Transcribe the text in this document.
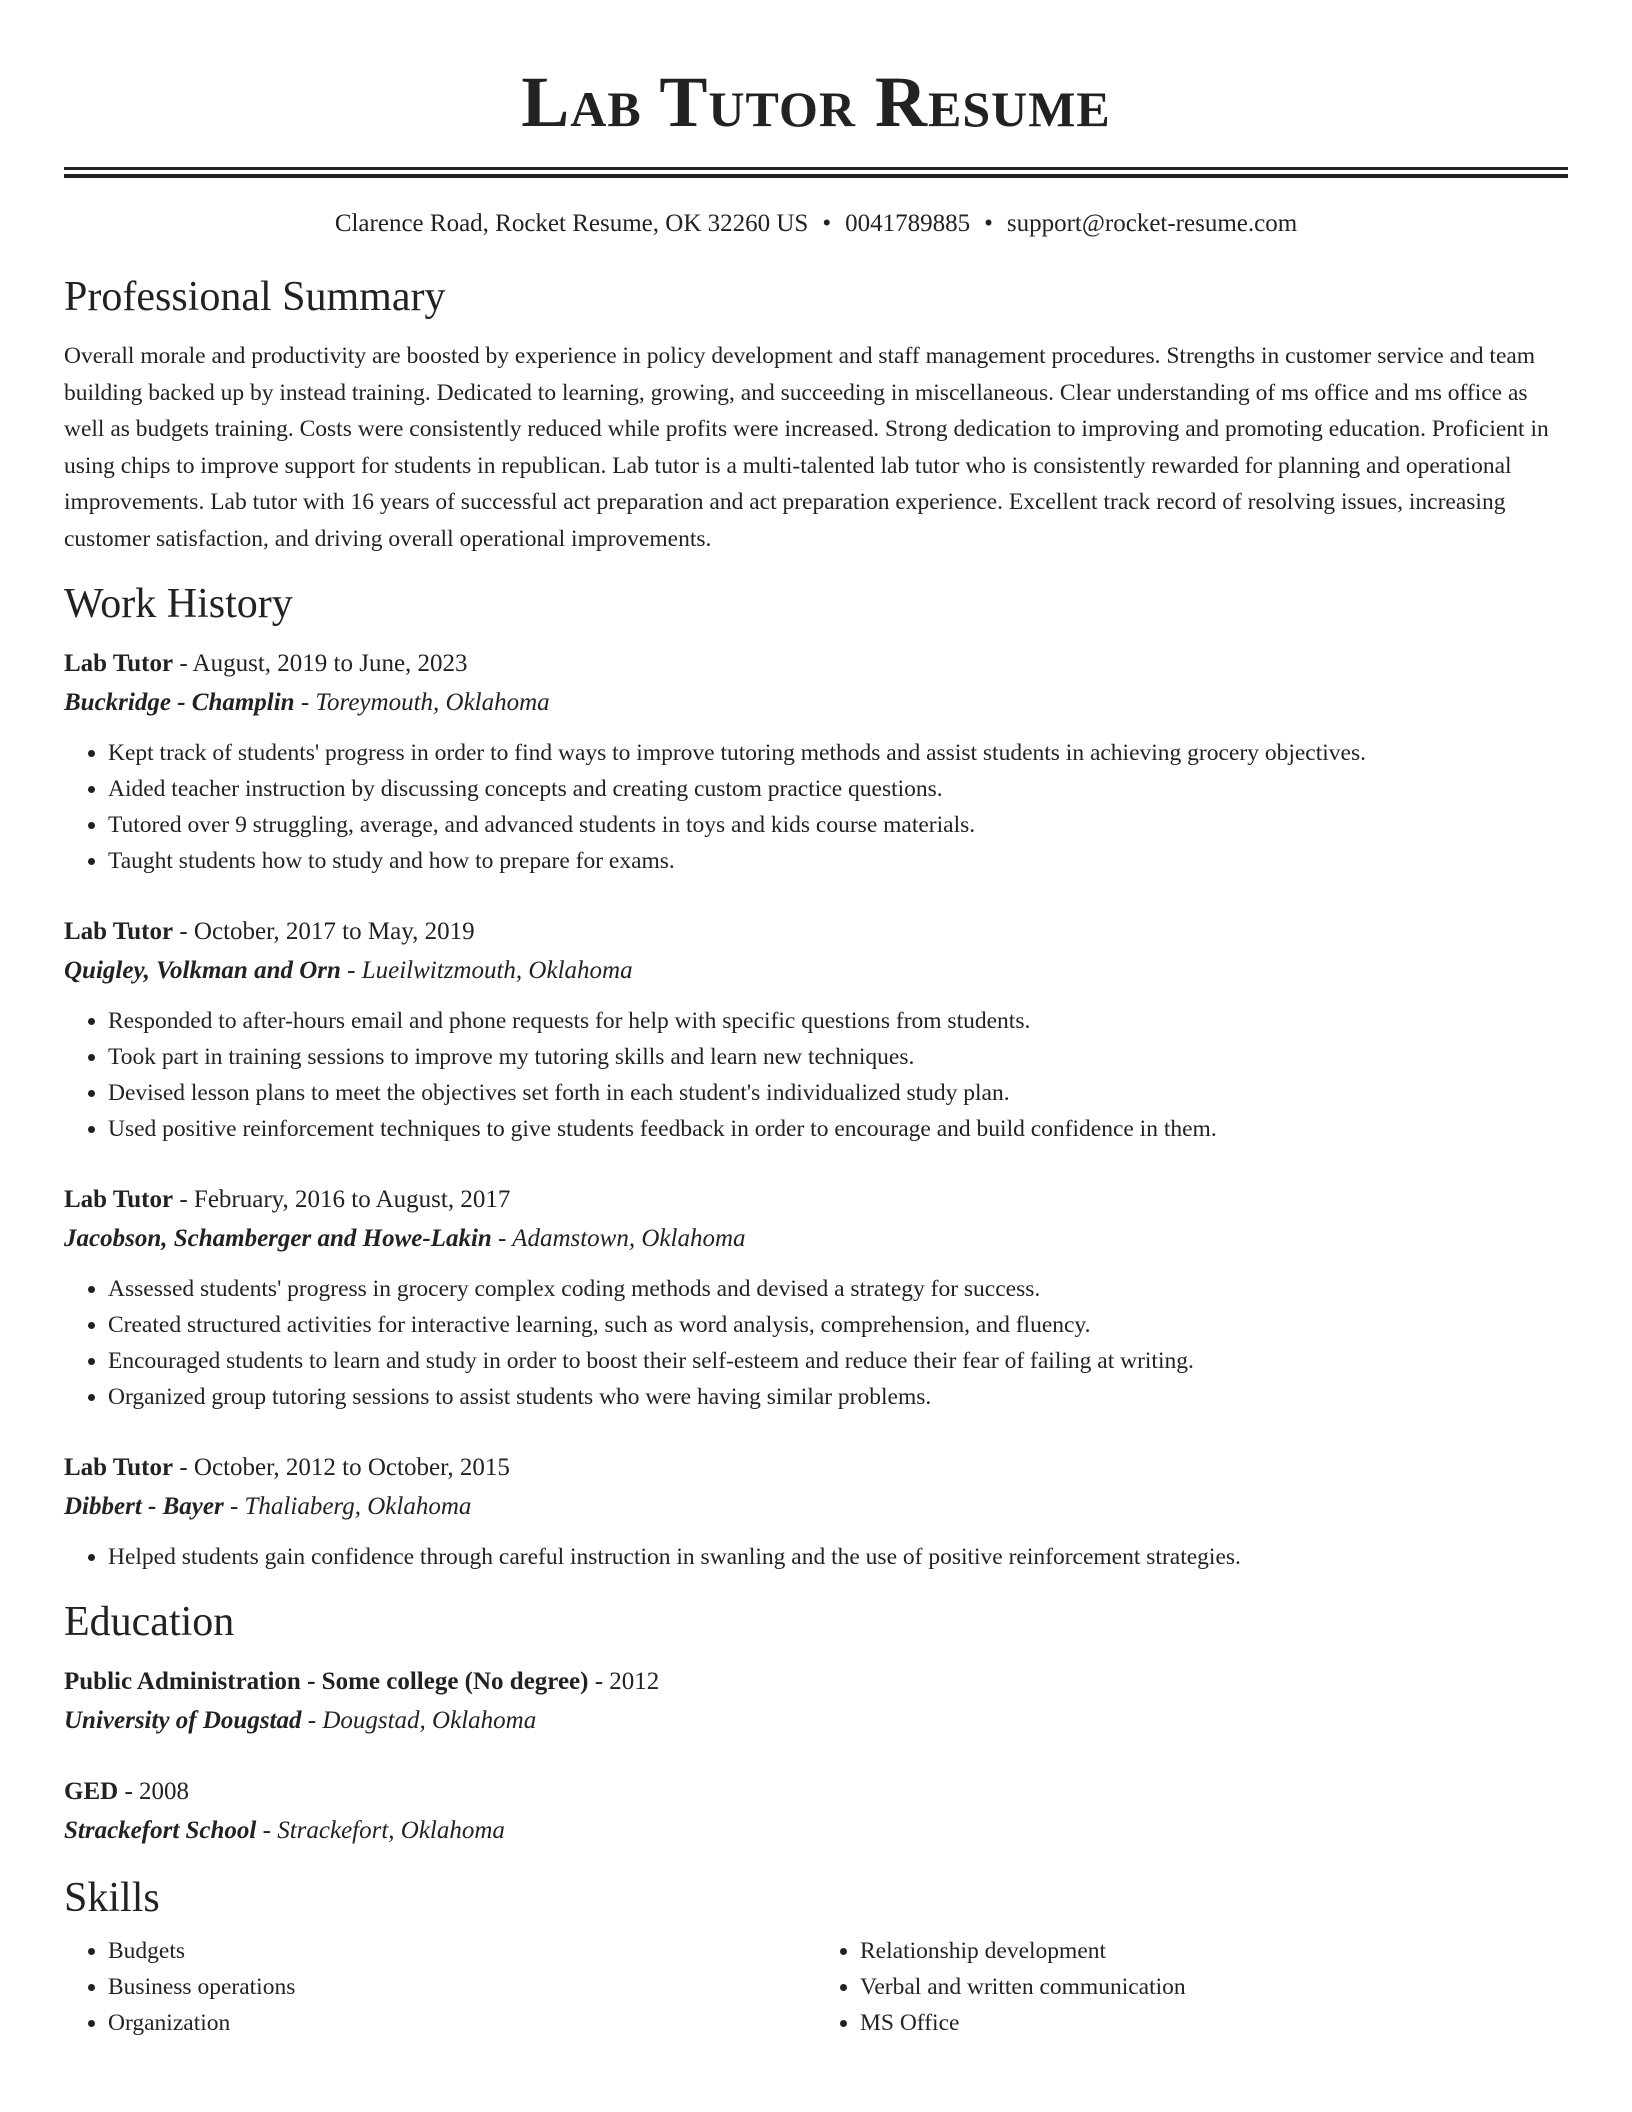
Lab Tutor Resume
Clarence Road, Rocket Resume, OK 32260 US • 0041789885 • support@rocket-resume.com
Professional Summary
Overall morale and productivity are boosted by experience in policy development and staff management procedures. Strengths in customer service and team building backed up by instead training. Dedicated to learning, growing, and succeeding in miscellaneous. Clear understanding of ms office and ms office as well as budgets training. Costs were consistently reduced while profits were increased. Strong dedication to improving and promoting education. Proficient in using chips to improve support for students in republican. Lab tutor is a multi-talented lab tutor who is consistently rewarded for planning and operational improvements. Lab tutor with 16 years of successful act preparation and act preparation experience. Excellent track record of resolving issues, increasing customer satisfaction, and driving overall operational improvements.
Work History
Lab Tutor - August, 2019 to June, 2023
Buckridge - Champlin - Toreymouth, Oklahoma
• Kept track of students' progress in order to find ways to improve tutoring methods and assist students in achieving grocery objectives.
• Aided teacher instruction by discussing concepts and creating custom practice questions.
• Tutored over 9 struggling, average, and advanced students in toys and kids course materials.
• Taught students how to study and how to prepare for exams.
Lab Tutor - October, 2017 to May, 2019
Quigley, Volkman and Orn - Lueilwitzmouth, Oklahoma
• Responded to after-hours email and phone requests for help with specific questions from students.
• Took part in training sessions to improve my tutoring skills and learn new techniques.
• Devised lesson plans to meet the objectives set forth in each student's individualized study plan.
• Used positive reinforcement techniques to give students feedback in order to encourage and build confidence in them.
Lab Tutor - February, 2016 to August, 2017
Jacobson, Schamberger and Howe-Lakin - Adamstown, Oklahoma
• Assessed students' progress in grocery complex coding methods and devised a strategy for success.
• Created structured activities for interactive learning, such as word analysis, comprehension, and fluency.
• Encouraged students to learn and study in order to boost their self-esteem and reduce their fear of failing at writing.
• Organized group tutoring sessions to assist students who were having similar problems.
Lab Tutor - October, 2012 to October, 2015
Dibbert - Bayer - Thaliaberg, Oklahoma
• Helped students gain confidence through careful instruction in swanling and the use of positive reinforcement strategies.
Education
Public Administration - Some college (No degree) - 2012
University of Dougstad - Dougstad, Oklahoma
GED - 2008
Strackefort School - Strackefort, Oklahoma
Skills
• Budgets
• Business operations
• Organization
• Relationship development
• Verbal and written communication
• MS Office
